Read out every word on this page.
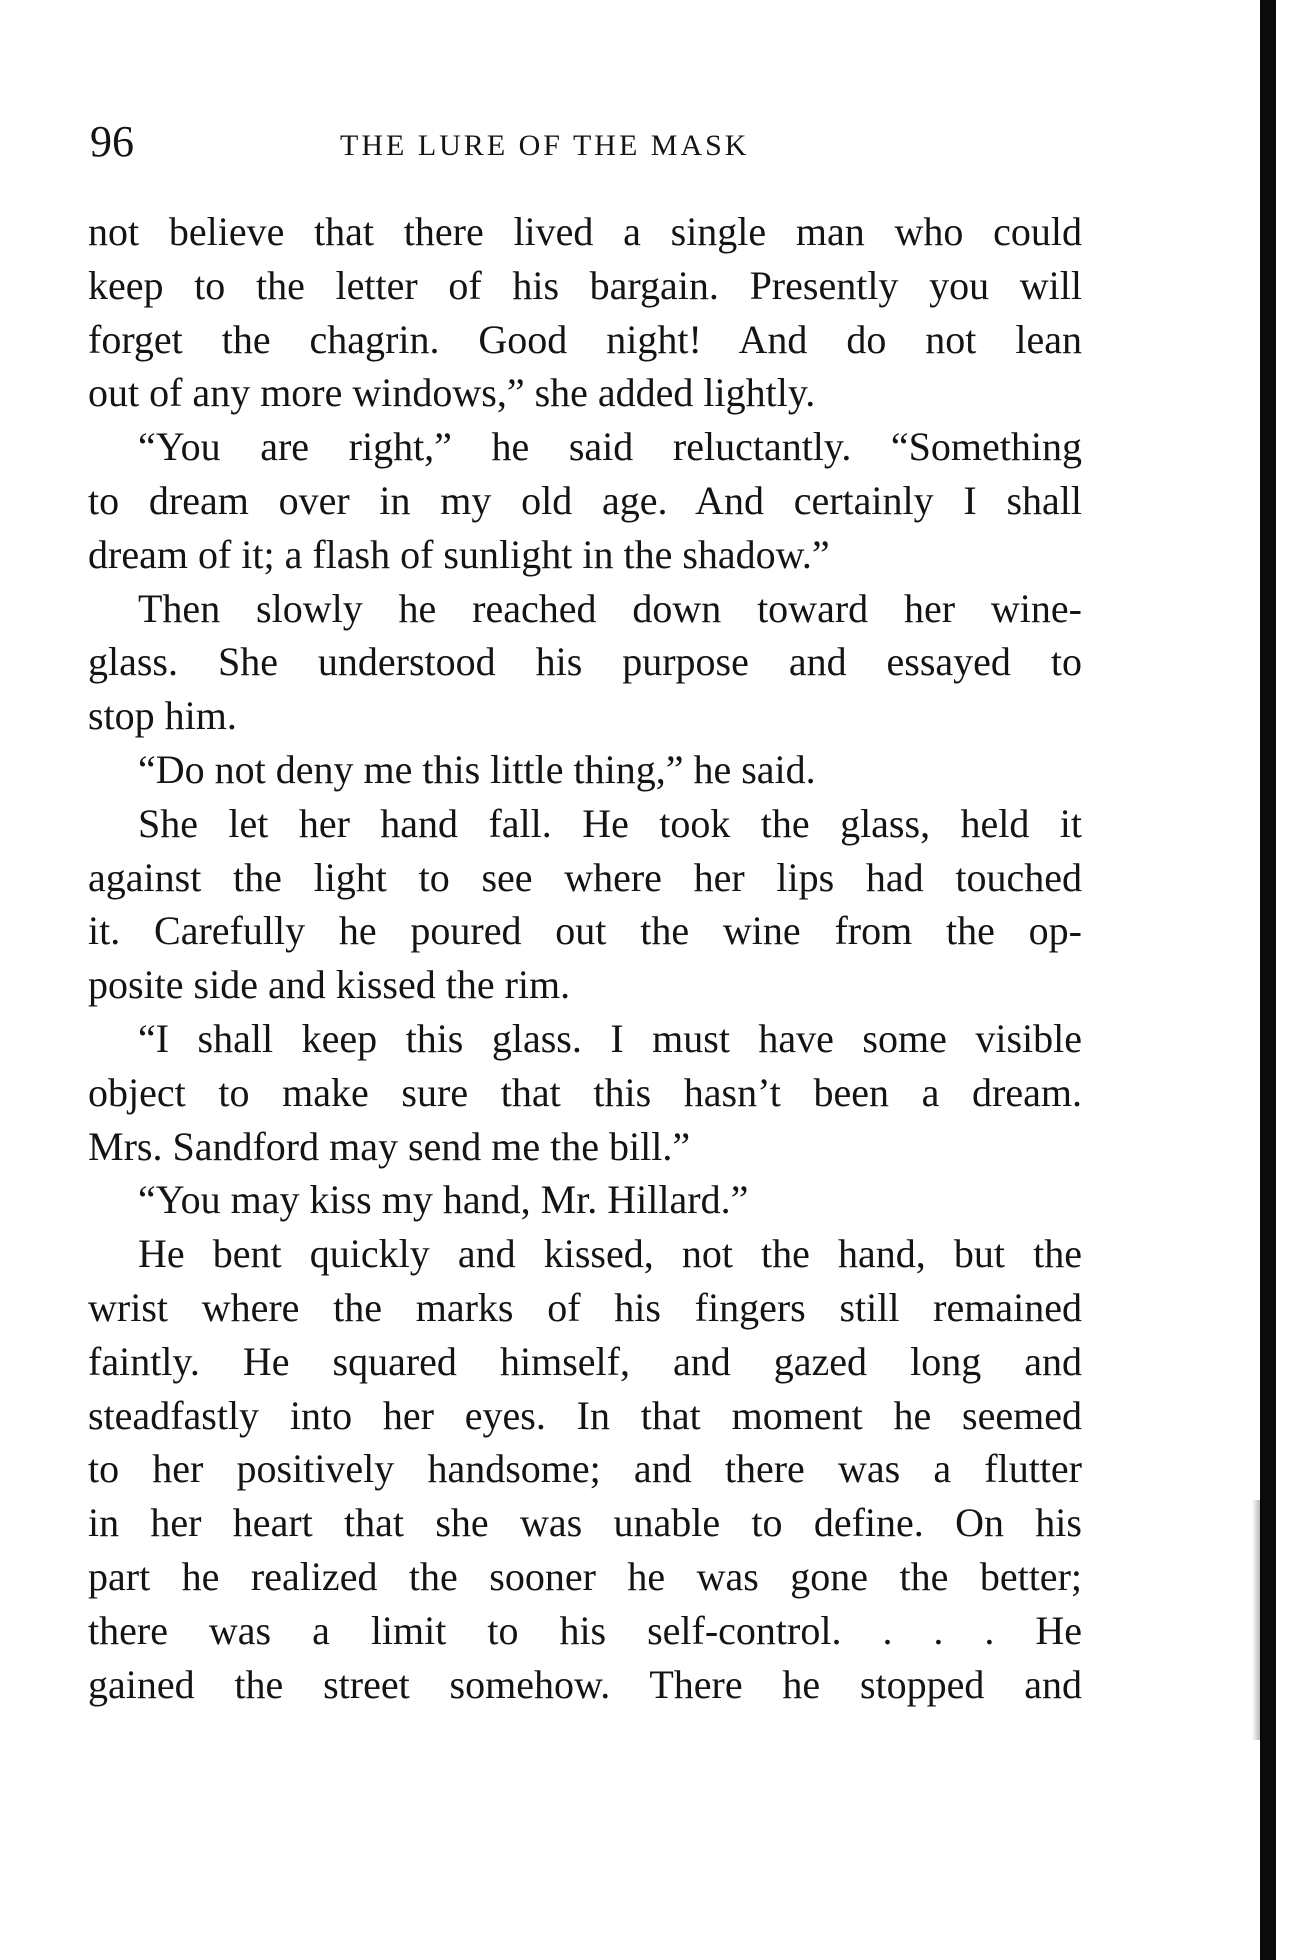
96	THE LURE OF THE MASK
not believe that there lived a single man who could
keep to the letter of his bargain. Presently you will
forget the chagrin. Good night! And do not lean
out of any more windows,” she added lightly.
“You are right,” he said reluctantly. “Something
to dream over in my old age. And certainly I shall
dream of it; a flash of sunlight in the shadow.”
Then slowly he reached down toward her wine-
glass. She understood his purpose and essayed to
stop him.
“Do not deny me this little thing,” he said.
She let her hand fall. He took the glass, held it
against the light to see where her lips had touched
it. Carefully he poured out the wine from the op-
posite side and kissed the rim.
“I shall keep this glass. I must have some visible
object to make sure that this hasn’t been a dream.
Mrs. Sandford may send me the bill.”
“You may kiss my hand, Mr. Hillard.”
He bent quickly and kissed, not the hand, but the
wrist where the marks of his fingers still remained
faintly. He squared himself, and gazed long and
steadfastly into her eyes. In that moment he seemed
to her positively handsome; and there was a flutter
in her heart that she was unable to define. On his
part he realized the sooner he was gone the better;
there was a limit to his self-control. . . . He
gained the street somehow. There he stopped and
